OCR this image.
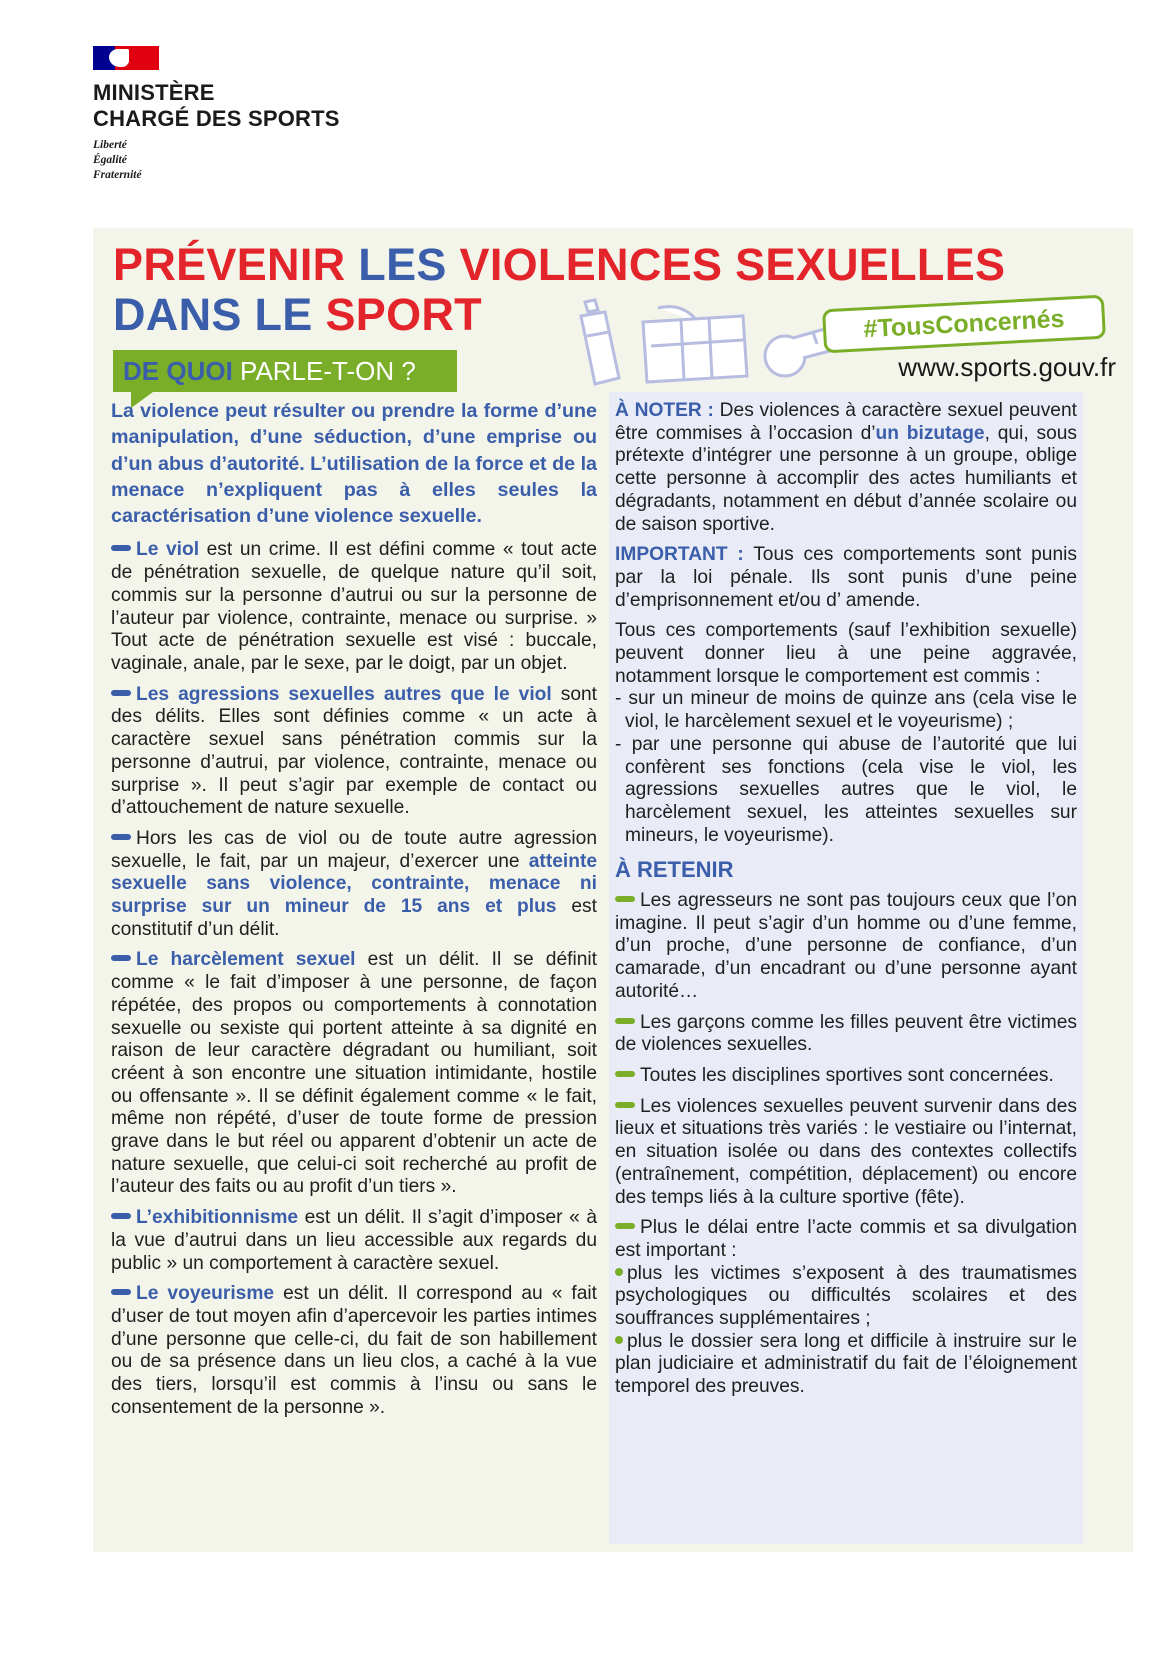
MINISTÈRE
CHARGÉ DES SPORTS
Liberté
Égalité
Fraternité
PRÉVENIR LES VIOLENCES SEXUELLES
DANS LE SPORT	#TousConcernés
www.sports.gouv.fr
DE QUOI PARLE-T-ON ?

La violence peut résulter ou prendre la forme d’une manipulation, d’une séduction, d’une emprise ou d’un abus d’autorité. L’utilisation de la force et de la menace n’expliquent pas à elles seules la caractérisation d’une violence sexuelle.

Le viol est un crime. Il est défini comme « tout acte de pénétration sexuelle, de quelque nature qu’il soit, commis sur la personne d’autrui ou sur la personne de l’auteur par violence, contrainte, menace ou surprise. » Tout acte de pénétration sexuelle est visé : buccale, vaginale, anale, par le sexe, par le doigt, par un objet.

Les agressions sexuelles autres que le viol sont des délits. Elles sont définies comme « un acte à caractère sexuel sans pénétration commis sur la personne d’autrui, par violence, contrainte, menace ou surprise ». Il peut s’agir par exemple de contact ou d’attouchement de nature sexuelle.

Hors les cas de viol ou de toute autre agression sexuelle, le fait, par un majeur, d’exercer une atteinte sexuelle sans violence, contrainte, menace ni surprise sur un mineur de 15 ans et plus est constitutif d’un délit.

Le harcèlement sexuel est un délit. Il se définit comme « le fait d’imposer à une personne, de façon répétée, des propos ou comportements à connotation sexuelle ou sexiste qui portent atteinte à sa dignité en raison de leur caractère dégradant ou humiliant, soit créent à son encontre une situation intimidante, hostile ou offensante ». Il se définit également comme « le fait, même non répété, d’user de toute forme de pression grave dans le but réel ou apparent d’obtenir un acte de nature sexuelle, que celui-ci soit recherché au profit de l’auteur des faits ou au profit d’un tiers ».

L’exhibitionnisme est un délit. Il s’agit d’imposer « à la vue d’autrui dans un lieu accessible aux regards du public » un comportement à caractère sexuel.

Le voyeurisme est un délit. Il correspond au « fait d’user de tout moyen afin d’apercevoir les parties intimes d’une personne que celle-ci, du fait de son habillement ou de sa présence dans un lieu clos, a caché à la vue des tiers, lorsqu’il est commis à l’insu ou sans le consentement de la personne ».

À NOTER : Des violences à caractère sexuel peuvent être commises à l’occasion d’un bizutage, qui, sous prétexte d’intégrer une personne à un groupe, oblige cette personne à accomplir des actes humiliants et dégradants, notamment en début d’année scolaire ou de saison sportive.

IMPORTANT : Tous ces comportements sont punis par la loi pénale. Ils sont punis d’une peine d’emprisonnement et/ou d’ amende.

Tous ces comportements (sauf l’exhibition sexuelle) peuvent donner lieu à une peine aggravée, notamment lorsque le comportement est commis :

- sur un mineur de moins de quinze ans (cela vise le viol, le harcèlement sexuel et le voyeurisme) ;

- par une personne qui abuse de l’autorité que lui confèrent ses fonctions (cela vise le viol, les agressions sexuelles autres que le viol, le harcèlement sexuel, les atteintes sexuelles sur mineurs, le voyeurisme).

À RETENIR

Les agresseurs ne sont pas toujours ceux que l’on imagine. Il peut s’agir d’un homme ou d’une femme, d’un proche, d’une personne de confiance, d’un camarade, d’un encadrant ou d’une personne ayant autorité…

Les garçons comme les filles peuvent être victimes de violences sexuelles.

Toutes les disciplines sportives sont concernées.

Les violences sexuelles peuvent survenir dans des lieux et situations très variés : le vestiaire ou l’internat, en situation isolée ou dans des contextes collectifs (entraînement, compétition, déplacement) ou encore des temps liés à la culture sportive (fête).

Plus le délai entre l’acte commis et sa divulgation est important :

plus les victimes s’exposent à des traumatismes psychologiques ou difficultés scolaires et des souffrances supplémentaires ;

plus le dossier sera long et difficile à instruire sur le plan judiciaire et administratif du fait de l’éloignement temporel des preuves.
